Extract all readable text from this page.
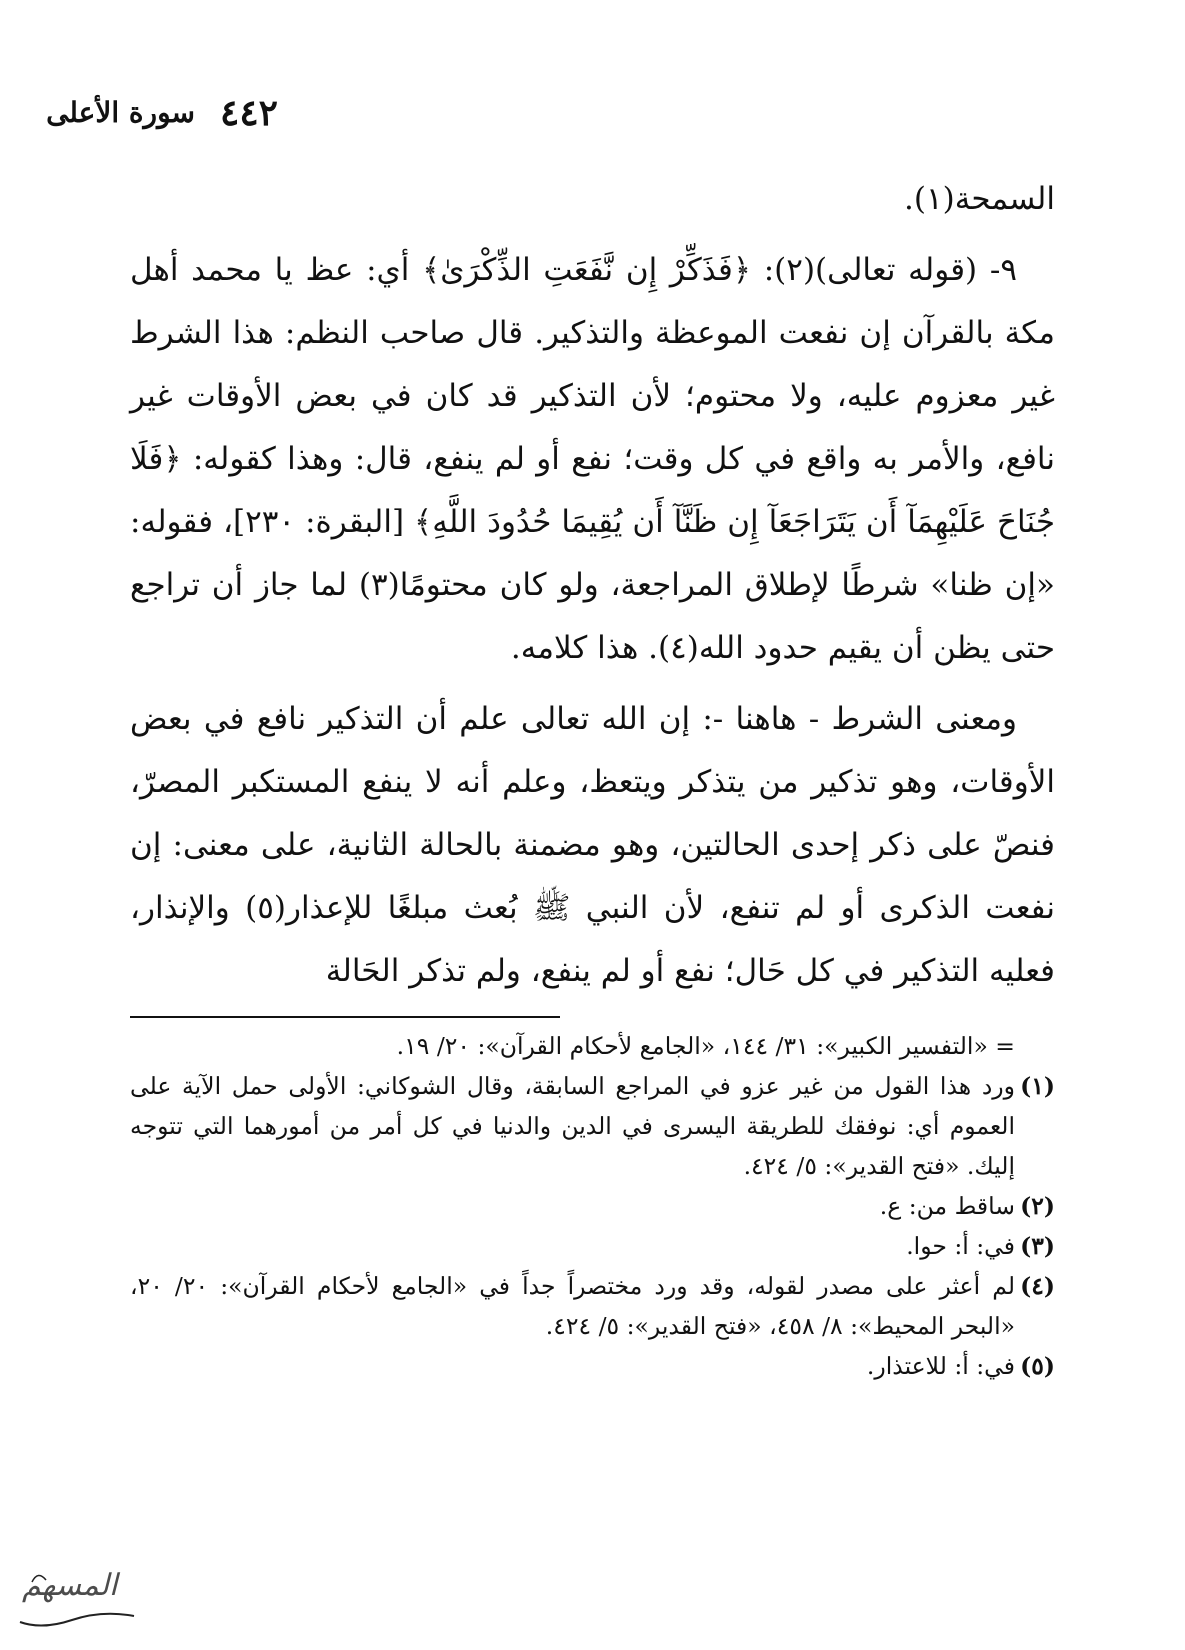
سورة الأعلى ٤٤٢

السمحة(١).

٩- (قوله تعالى)(٢): ﴿فَذَكِّرْ إِن نَّفَعَتِ الذِّكْرَىٰ﴾ أي: عظ يا محمد أهل مكة بالقرآن إن نفعت الموعظة والتذكير. قال صاحب النظم: هذا الشرط غير معزوم عليه، ولا محتوم؛ لأن التذكير قد كان في بعض الأوقات غير نافع، والأمر به واقع في كل وقت؛ نفع أو لم ينفع، قال: وهذا كقوله: ﴿فَلَا جُنَاحَ عَلَيْهِمَآ أَن يَتَرَاجَعَآ إِن ظَنَّآ أَن يُقِيمَا حُدُودَ اللَّهِ﴾ [البقرة: ٢٣٠]، فقوله: «إن ظنا» شرطًا لإطلاق المراجعة، ولو كان محتومًا(٣) لما جاز أن تراجع حتى يظن أن يقيم حدود الله(٤). هذا كلامه.

ومعنى الشرط - هاهنا -: إن الله تعالى علم أن التذكير نافع في بعض الأوقات، وهو تذكير من يتذكر ويتعظ، وعلم أنه لا ينفع المستكبر المصرّ، فنصّ على ذكر إحدى الحالتين، وهو مضمنة بالحالة الثانية، على معنى: إن نفعت الذكرى أو لم تنفع، لأن النبي ﷺ بُعث مبلغًا للإعذار(٥) والإنذار، فعليه التذكير في كل حَال؛ نفع أو لم ينفع، ولم تذكر الحَالة

= «التفسير الكبير»: ٣١/ ١٤٤، «الجامع لأحكام القرآن»: ٢٠/ ١٩.
(١)
ورد هذا القول من غير عزو في المراجع السابقة، وقال الشوكاني: الأولى حمل الآية على العموم أي: نوفقك للطريقة اليسرى في الدين والدنيا في كل أمر من أمورهما التي تتوجه إليك. «فتح القدير»: ٥/ ٤٢٤.
(٢)
ساقط من: ع.
(٣)
في: أ: حوا.
(٤)
لم أعثر على مصدر لقوله، وقد ورد مختصراً جداً في «الجامع لأحكام القرآن»: ٢٠/ ٢٠، «البحر المحيط»: ٨/ ٤٥٨، «فتح القدير»: ٥/ ٤٢٤.
(٥)
في: أ: للاعتذار.
المسهم
